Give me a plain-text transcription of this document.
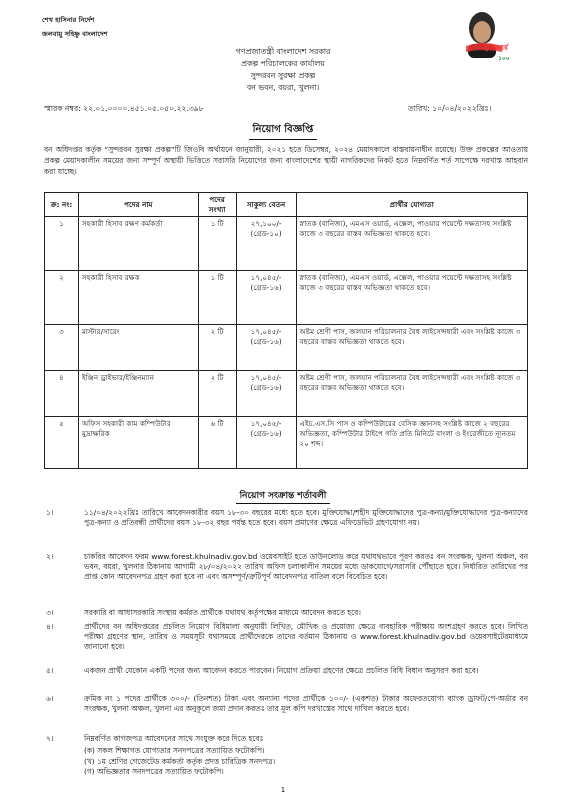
শেখ হাসিনার নির্দেশ
জলবায়ু সহিষ্ণু বাংলাদেশ
মুজিববর্ষ
১০০
গণপ্রজাতন্ত্রী বাংলাদেশ সরকার
প্রকল্প পরিচালকের কার্যালয়
সুন্দরবন সুরক্ষা প্রকল্প
বন ভবন, বয়রা, খুলনা।
স্মারক নম্বর: ২২.০১.০০০০.৪৫১.০৫.০৫০.২২.৩৯৮	তারিখ: ১০/০৪/২০২২খ্রিঃ।
নিয়োগ বিজ্ঞপ্তি
বন অধিদপ্তর কর্তৃক “সুন্দরবন সুরক্ষা প্রকল্প”টি জিওবি অর্থায়নে জানুয়ারী, ২০২১ হতে ডিসেম্বর, ২০২৪ মেয়াদকালে বাস্তবায়নাধীন রয়েছে। উক্ত প্রকল্পের আওতায় প্রকল্প মেয়াদকালীন সময়ের জন্য সম্পূর্ণ অস্থায়ী ভিত্তিতে সরাসরি নিয়োগের জন্য বাংলাদেশের স্থায়ী নাগরিকদের নিকট হতে নিম্নবর্ণিত শর্ত সাপেক্ষে দরখাস্ত আহবান করা যাচ্ছে।
ক্র: নং:	পদের নাম	পদের সংখ্যা	সাকুল্য বেতন	প্রার্থীর যোগ্যতা
১	সহকারী হিসাব রক্ষণ কর্মকর্তা	১ টি	২৭,১০০/- (গ্রেড-১০)	স্নাতক (বানিজ্য), এমএস ওয়ার্ড, এক্সেল, পাওয়ার পয়েন্টে দক্ষতাসহ সংশ্লিষ্ট কাজে ৩ বছরের বাস্তব অভিজ্ঞতা থাকতে হবে।
২	সহকারী হিসাব রক্ষক	১ টি	১৭,০৪৫/- (গ্রেড-১৬)	স্নাতক (বানিজ্য), এমএস ওয়ার্ড, এক্সেল, পাওয়ার পয়েন্টে দক্ষতাসহ সংশ্লিষ্ট কাজে ৩ বছরের বাস্তব অভিজ্ঞতা থাকতে হবে।
৩	মাস্টার/সারেং	২ টি	১৭,০৪৫/- (গ্রেড-১৬)	অষ্টম শ্রেণী পাস, জলযান পরিচালনার বৈধ লাইসেন্সধারী এবং সংশ্লিষ্ট কাজে ৩ বছরের বাস্তব অভিজ্ঞতা থাকতে হবে।
৪	ইঞ্জিন ড্রাইভার/ইঞ্জিনম্যান	২ টি	১৭,০৪৫/- (গ্রেড-১৬)	অষ্টম শ্রেণী পাস, জলযান পরিচালনার বৈধ লাইসেন্সধারী এবং সংশ্লিষ্ট কাজে ৩ বছরের বাস্তব অভিজ্ঞতা থাকতে হবে।
৫	অফিস সহকারী কাম কম্পিউটার মুদ্রাক্ষরিক	৬ টি	১৭,০৪৫/- (গ্রেড-১৬)	এইচ.এস.সি পাস ও কম্পিউটারের বেসিক জ্ঞানসহ সংশ্লিষ্ট কাজে ২ বছরের অভিজ্ঞতা, কম্পিউটার টাইপে গতি প্রতি মিনিটে বাংলা ও ইংরেজীতে ন্যূনতম ২০ শব্দ।
নিয়োগ সংক্রান্ত শর্তাবলী
১।	১১/০৪/২০২২খ্রিঃ তারিখে আবেদনকারীর বয়স ১৮-৩০ বছরের মধ্যে হতে হবে। মুক্তিযোদ্ধা/শহীদ মুক্তিযোদ্ধাদের পুত্র-কন্যা/মুক্তিযোদ্ধাদের পুত্র-কন্যাদের পুত্র-কন্যা ও প্রতিবন্ধী প্রার্থীদের বয়স ১৮-৩২ বছর পর্যন্ত হতে হবে। বয়স প্রমাণের ক্ষেত্রে এফিডেভিট গ্রহণযোগ্য নয়।
২।	চাকরির আবেদন ফরম www.forest.khulnadiv.gov.bd ওয়েবসাইট হতে ডাউনলোড করে যথাযথভাবে পূরণ করতঃ বন সংরক্ষক, খুলনা অঞ্চল, বন ভবন, বয়রা, খুলনার ঠিকানায় আগামী ২৮/০৪/২০২২ তারিখ অফিস চলাকালীন সময়ের মধ্যে ডাকযোগে/সরাসরি পৌঁছাতে হবে। নির্ধারিত তারিখের পর প্রাপ্ত কোন আবেদনপত্র গ্রহণ করা হবে না এবং অসম্পূর্ণ/ত্রুটিপূর্ণ আবেদনপত্র বাতিল বলে বিবেচিত হবে।
৩।	সরকারি বা আধাসরকারি সংস্থায় কর্মরত প্রার্থীকে যথাযথ কর্তৃপক্ষের মাধ্যমে আবেদন করতে হবে।
৪।	প্রার্থীদের বন অধিদপ্তরের প্রচলিত নিয়োগ বিধিমালা অনুযায়ী লিখিত, মৌখিক ও প্রয়োজ্য ক্ষেত্রে ব্যবহারিক পরীক্ষায় অংশগ্রহণ করতে হবে। লিখিত পরীক্ষা গ্রহণের স্থান, তারিখ ও সময়সূচী যথাসময়ে প্রার্থীদেরকে তাদের বর্তমান ঠিকানায় ও www.forest.khulnadiv.gov.bd ওয়েবসাইটেরমাধ্যমে জানানো হবে।
৫।	একজন প্রার্থী যেকোন একটি পদের জন্য আবেদন করতে পারবেন। নিয়োগ প্রক্রিয়া গ্রহণের ক্ষেত্রে প্রচলিত বিধি বিধান অনুসরণ করা হবে।
৬।	ক্রমিক নং ১ পদের প্রার্থীকে ৩০০/- (তিনশত) টাকা এবং অন্যান্য পদের প্রার্থীকে ১০০/- (একশত) টাকার অফেরতযোগ্য ব্যাংক ড্রাফট/পে-অর্ডার বন সংরক্ষক, খুলনা অঞ্চল, খুলনা এর অনুকূলে জমা প্রদান করতঃ তার মূল কপি দরখাস্তের সাথে দাখিল করতে হবে।
৭।	নিম্নবর্ণিত কাগজপত্র আবেদনের সাথে সংযুক্ত করে দিতে হবেঃ
(ক) সকল শিক্ষাগত যোগ্যতার সনদপত্রের সত্যায়িত ফটোকপি।
(খ) ১ম শ্রেণির গেজেটেড কর্মকর্তা কর্তৃক প্রদত্ত চারিত্রিক সনদপত্র।
(গ) অভিজ্ঞতার সনদপত্রের সত্যায়িত ফটোকপি।
1
